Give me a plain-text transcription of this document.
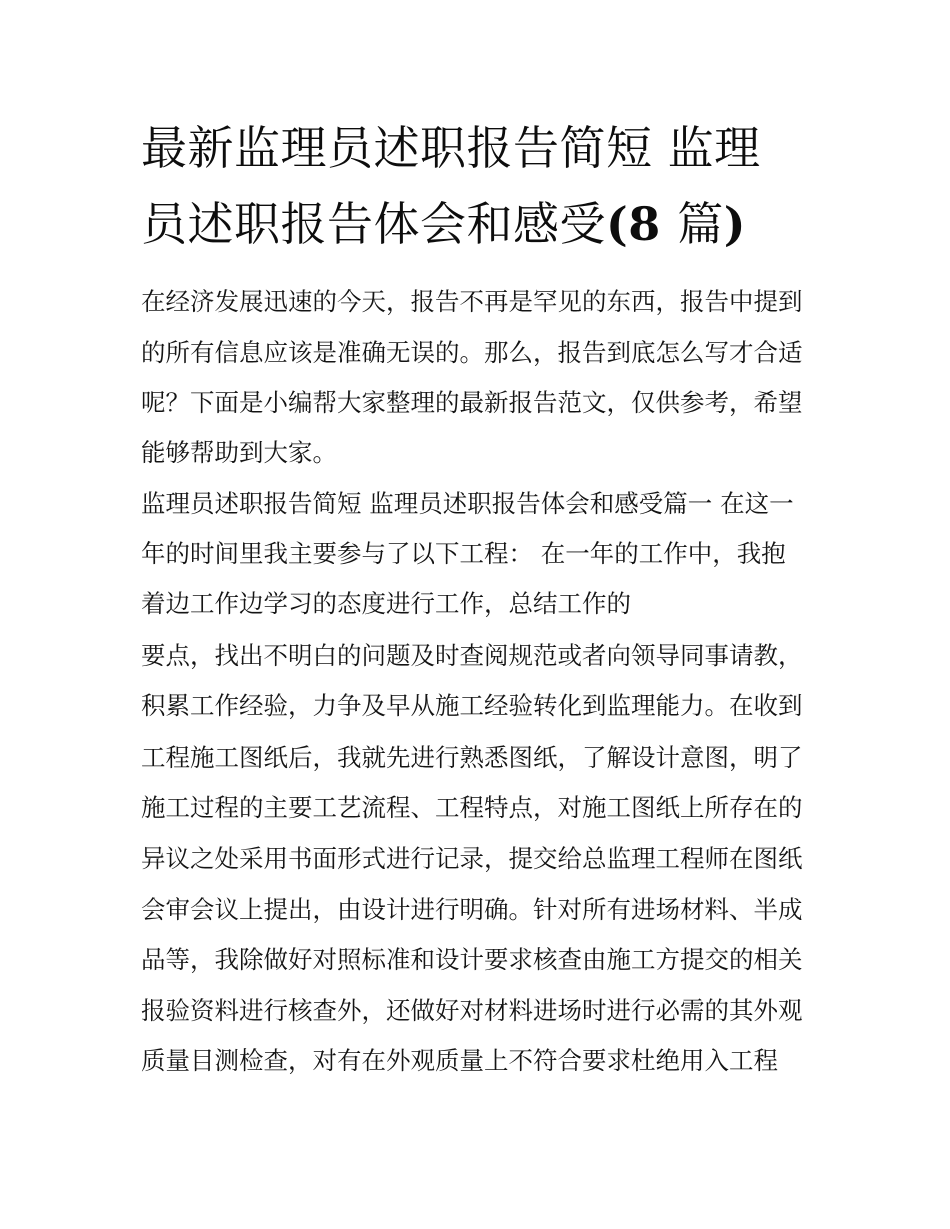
最新监理员述职报告简短 监理
员述职报告体会和感受(8 篇)
在经济发展迅速的今天，报告不再是罕见的东西，报告中提到
的所有信息应该是准确无误的。那么，报告到底怎么写才合适
呢？下面是小编帮大家整理的最新报告范文，仅供参考，希望
能够帮助到大家。
监理员述职报告简短 监理员述职报告体会和感受篇一 在这一
年的时间里我主要参与了以下工程： 在一年的工作中，我抱
着边工作边学习的态度进行工作，总结工作的
要点，找出不明白的问题及时查阅规范或者向领导同事请教，
积累工作经验，力争及早从施工经验转化到监理能力。在收到
工程施工图纸后，我就先进行熟悉图纸，了解设计意图，明了
施工过程的主要工艺流程、工程特点，对施工图纸上所存在的
异议之处采用书面形式进行记录，提交给总监理工程师在图纸
会审会议上提出，由设计进行明确。针对所有进场材料、半成
品等，我除做好对照标准和设计要求核查由施工方提交的相关
报验资料进行核查外，还做好对材料进场时进行必需的其外观
质量目测检查，对有在外观质量上不符合要求杜绝用入工程
